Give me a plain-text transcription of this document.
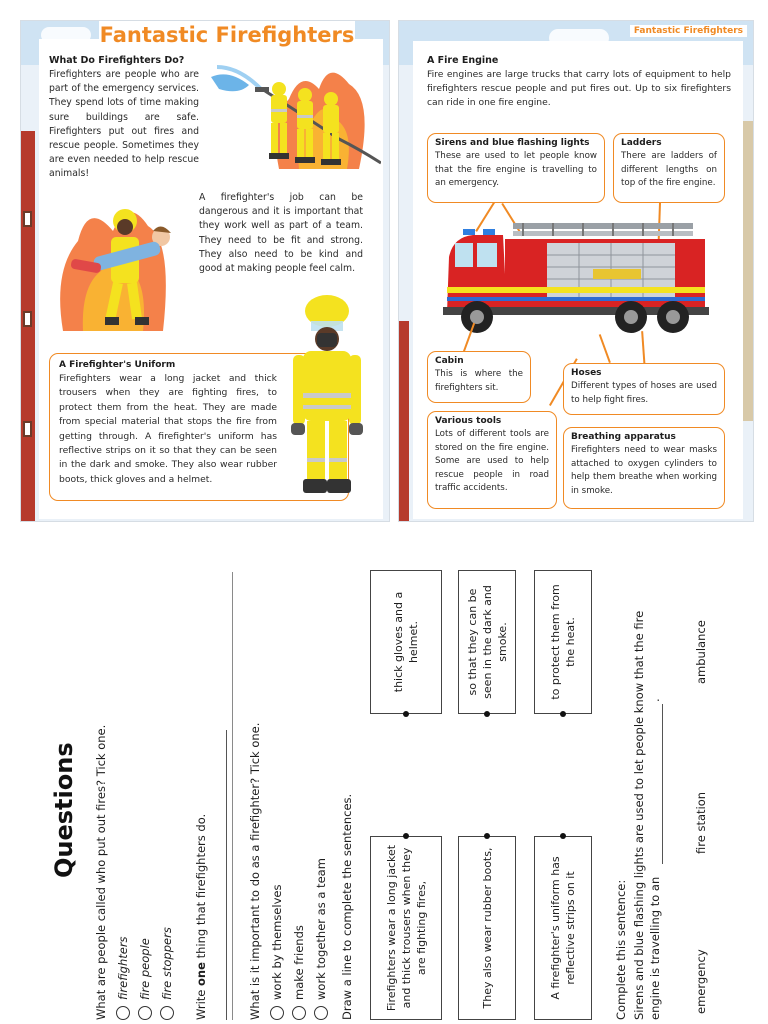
Fantastic Firefighters
What Do Firefighters Do?
Firefighters are people who are part of the emergency services. They spend lots of time making sure buildings are safe. Firefighters put out fires and rescue people. Sometimes they are even needed to help rescue animals!
A firefighter's job can be dangerous and it is important that they work well as part of a team. They need to be fit and strong. They also need to be kind and good at making people feel calm.
A Firefighter's Uniform
Firefighters wear a long jacket and thick trousers when they are fighting fires, to protect them from the heat. They are made from special material that stops the fire from getting through. A firefighter's uniform has reflective strips on it so that they can be seen in the dark and smoke. They also wear rubber boots, thick gloves and a helmet.
Fantastic Firefighters
A Fire Engine
Fire engines are large trucks that carry lots of equipment to help firefighters rescue people and put fires out. Up to six firefighters can ride in one fire engine.
Sirens and blue flashing lights
These are used to let people know that the fire engine is travelling to an emergency.
Ladders
There are ladders of different lengths on top of the fire engine.
Cabin
This is where the firefighters sit.
Hoses
Different types of hoses are used to help fight fires.
Various tools
Lots of different tools are stored on the fire engine. Some are used to help rescue people in road traffic accidents.
Breathing apparatus
Firefighters need to wear masks attached to oxygen cylinders to help them breathe when working in smoke.
Questions What are people called who put out fires? Tick one. firefighters fire people fire stoppers
Write one thing that firefighters do.	What is it important to do as a firefighter? Tick one. work by themselves make friends work together as a team Draw a line to complete the sentences.	Firefighters wear a long jacket and thick trousers when they are fighting fires,	They also wear rubber boots,	A firefighter's uniform has reflective strips on it
thick gloves and a helmet.	so that they can be seen in the dark and smoke.	to protect them from the heat.
Complete this sentence: Sirens and blue flashing lights are used to let people know that the fire engine is travelling to an
.
emergency
fire station
ambulance
